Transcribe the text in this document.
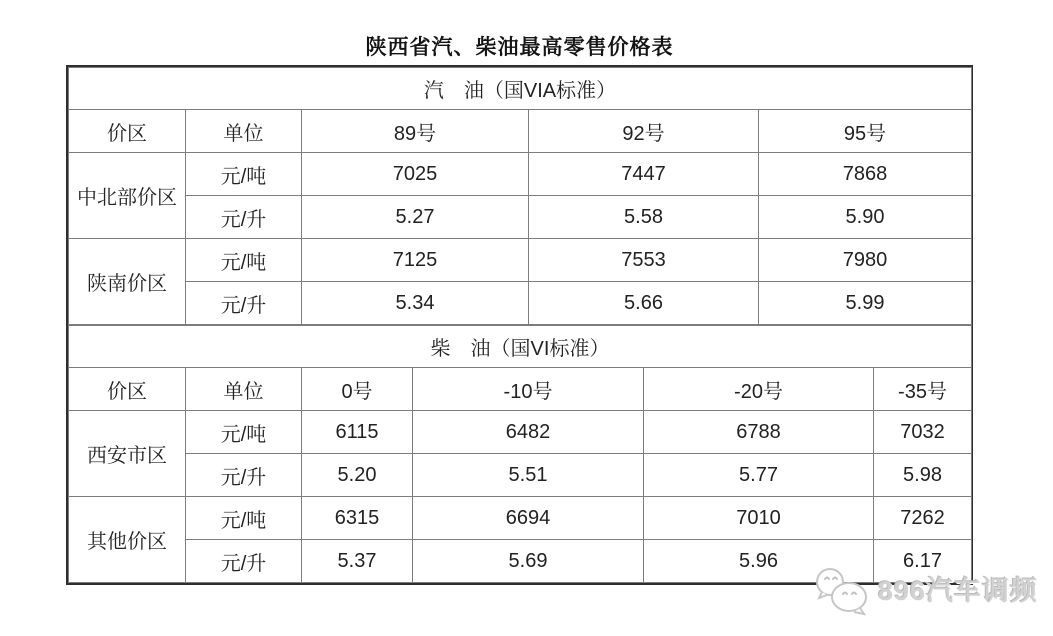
陕西省汽、柴油最高零售价格表
汽　油（国VIA标准）				
价区	单位	89号	92号	95号
中北部价区	元/吨	7025	7447	7868
	元/升	5.27	5.58	5.90
陕南价区	元/吨	7125	7553	7980
	元/升	5.34	5.66	5.99
柴　油（国VI标准）					
价区	单位	0号	-10号	-20号	-35号
西安市区	元/吨	6115	6482	6788	7032
	元/升	5.20	5.51	5.77	5.98
其他价区	元/吨	6315	6694	7010	7262
	元/升	5.37	5.69	5.96	6.17
896汽车调频
